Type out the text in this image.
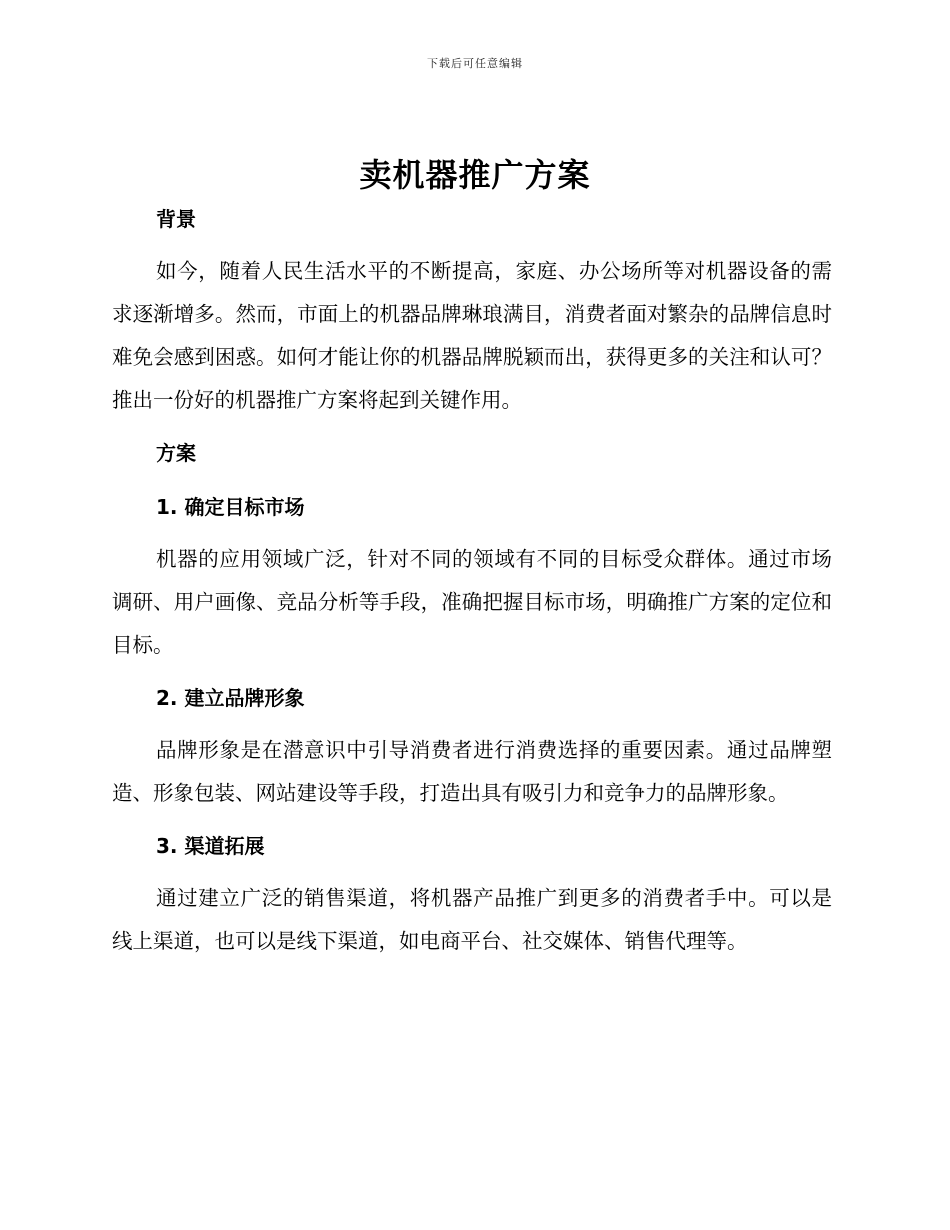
下载后可任意编辑
卖机器推广方案
背景
如今，随着人民生活水平的不断提高，家庭、办公场所等对机器设备的需求逐渐增多。然而，市面上的机器品牌琳琅满目，消费者面对繁杂的品牌信息时难免会感到困惑。如何才能让你的机器品牌脱颖而出，获得更多的关注和认可？推出一份好的机器推广方案将起到关键作用。
方案
1. 确定目标市场
机器的应用领域广泛，针对不同的领域有不同的目标受众群体。通过市场调研、用户画像、竞品分析等手段，准确把握目标市场，明确推广方案的定位和目标。
2. 建立品牌形象
品牌形象是在潜意识中引导消费者进行消费选择的重要因素。通过品牌塑造、形象包装、网站建设等手段，打造出具有吸引力和竞争力的品牌形象。
3. 渠道拓展
通过建立广泛的销售渠道，将机器产品推广到更多的消费者手中。可以是线上渠道，也可以是线下渠道，如电商平台、社交媒体、销售代理等。
